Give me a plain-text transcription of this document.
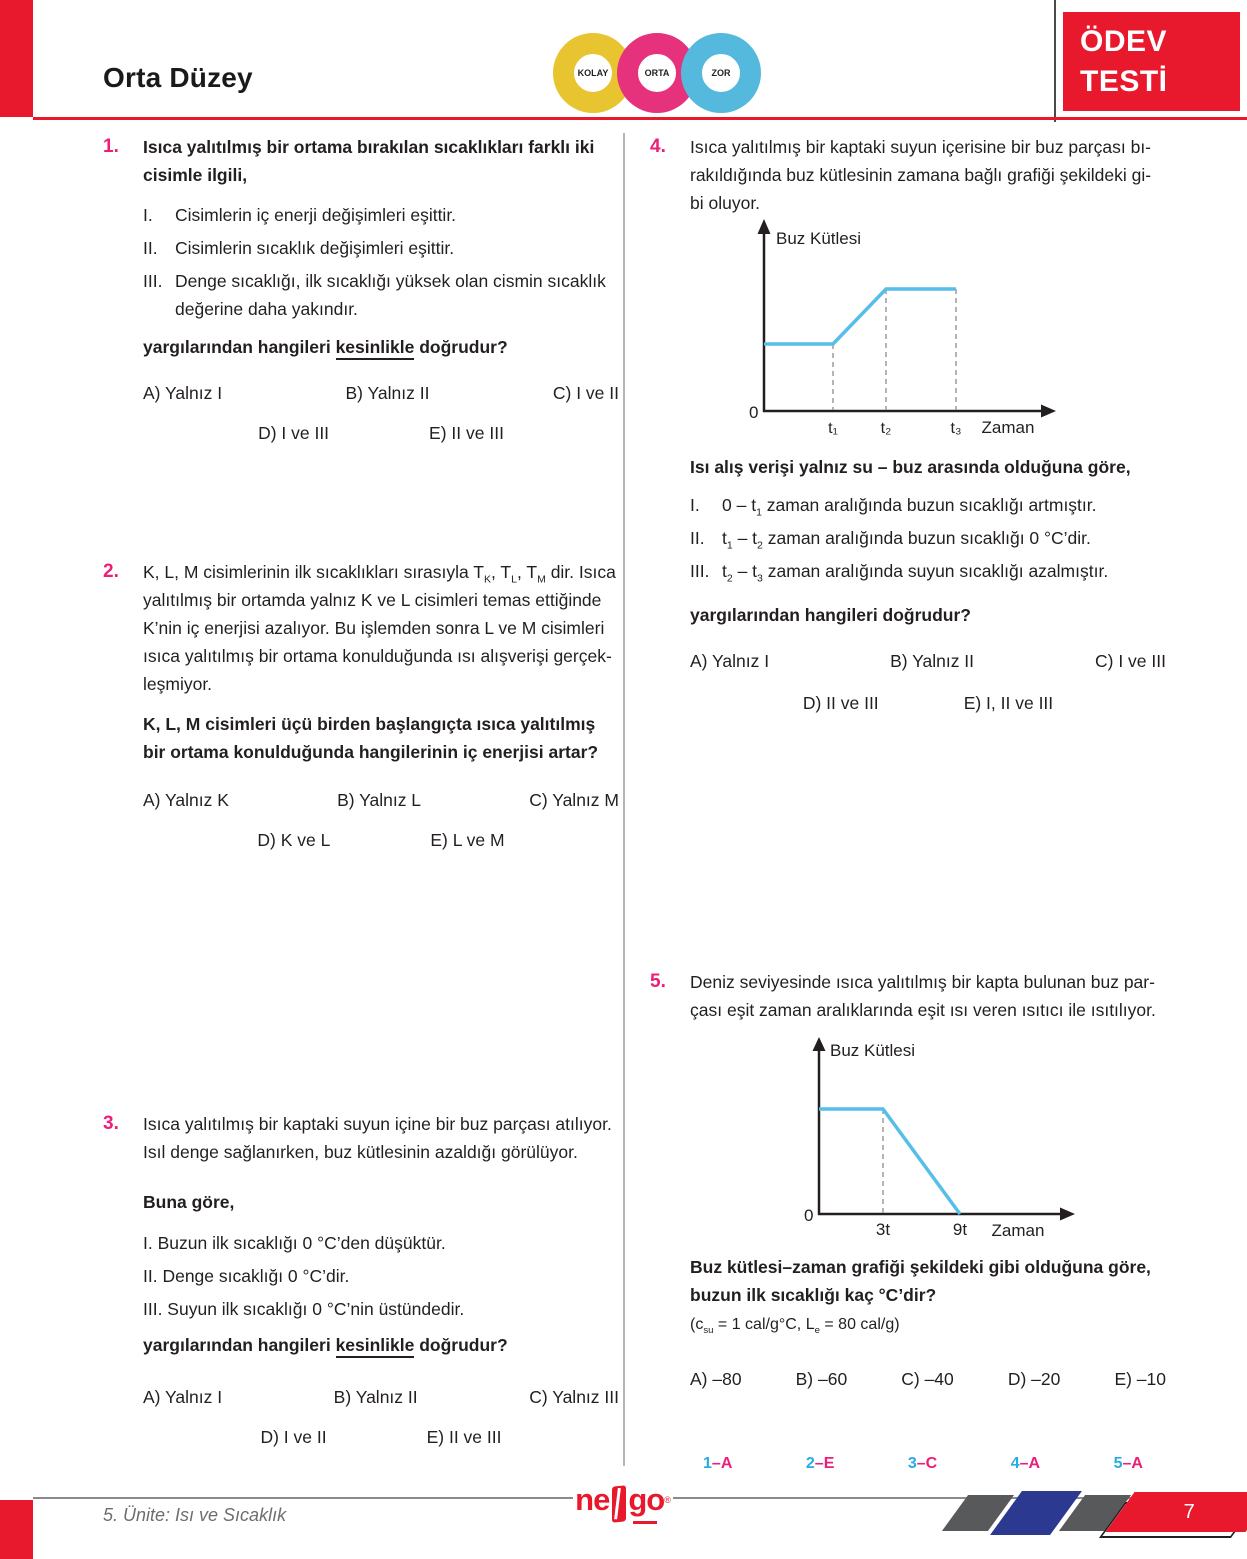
Orta Düzey	KOLAY	ORTA	ZOR
ÖDEV
TESTİ
1.	Isıca yalıtılmış bir ortama bırakılan sıcaklıkları farklı iki
cisimle ilgili,
I.	Cisimlerin iç enerji değişimleri eşittir.
II. Cisimlerin sıcaklık değişimleri eşittir.
III. Denge sıcaklığı, ilk sıcaklığı yüksek olan cismin sıcaklık
değerine daha yakındır.
yargılarından hangileri kesinlikle doğrudur?
A) Yalnız I	B) Yalnız II	C) I ve II
D) I ve III	E) II ve III
2.	K, L, M cisimlerinin ilk sıcaklıkları sırasıyla $T_K$, $T_L$, $T_M$ dir. Isıca
yalıtılmış bir ortamda yalnız K ve L cisimleri temas ettiğinde
K’nin iç enerjisi azalıyor. Bu işlemden sonra L ve M cisimleri
ısıca yalıtılmış bir ortama konulduğunda ısı alışverişi gerçek-
leşmiyor.
K, L, M cisimleri üçü birden başlangıçta ısıca yalıtılmış
bir ortama konulduğunda hangilerinin iç enerjisi artar?
A) Yalnız K	B) Yalnız L	C) Yalnız M
D) K ve L	E) L ve M
3.	Isıca yalıtılmış bir kaptaki suyun içine bir buz parçası atılıyor.
Isıl denge sağlanırken, buz kütlesinin azaldığı görülüyor.
Buna göre,
I. Buzun ilk sıcaklığı 0 °C’den düşüktür.
II. Denge sıcaklığı 0 °C’dir.
III. Suyun ilk sıcaklığı 0 °C’nin üstündedir.
yargılarından hangileri kesinlikle doğrudur?
A) Yalnız I	B) Yalnız II	C) Yalnız III
D) I ve II	E) II ve III
4.	Isıca yalıtılmış bir kaptaki suyun içerisine bir buz parçası bı-
rakıldığında buz kütlesinin zamana bağlı grafiği şekildeki gi-
bi oluyor.
Buz Kütlesi
0
t₁	t₂	t₃ Zaman
Isı alış verişi yalnız su – buz arasında olduğuna göre,
I.	$0 - t_1$ zaman aralığında buzun sıcaklığı artmıştır.
II. $t_1 - t_2$ zaman aralığında buzun sıcaklığı 0 °C’dir.
III. $t_2 - t_3$ zaman aralığında suyun sıcaklığı azalmıştır.
yargılarından hangileri doğrudur?
A) Yalnız I	B) Yalnız II	C) I ve III
D) II ve III	E) I, II ve III
5.	Deniz seviyesinde ısıca yalıtılmış bir kapta bulunan buz par-
çası eşit zaman aralıklarında eşit ısı veren ısıtıcı ile ısıtılıyor.
Buz Kütlesi
0
3t	9t Zaman
Buz kütlesi–zaman grafiği şekildeki gibi olduğuna göre,
buzun ilk sıcaklığı kaç °C’dir?
($c_{su} = 1$ cal/g°C, $L_e = 80$ cal/g)
A) –80	B) –60	C) –40	D) –20	E) –10
1–A	2–E	3–C	4–A	5–A
5. Ünite: Isı ve Sıcaklık	ne go ®
7
